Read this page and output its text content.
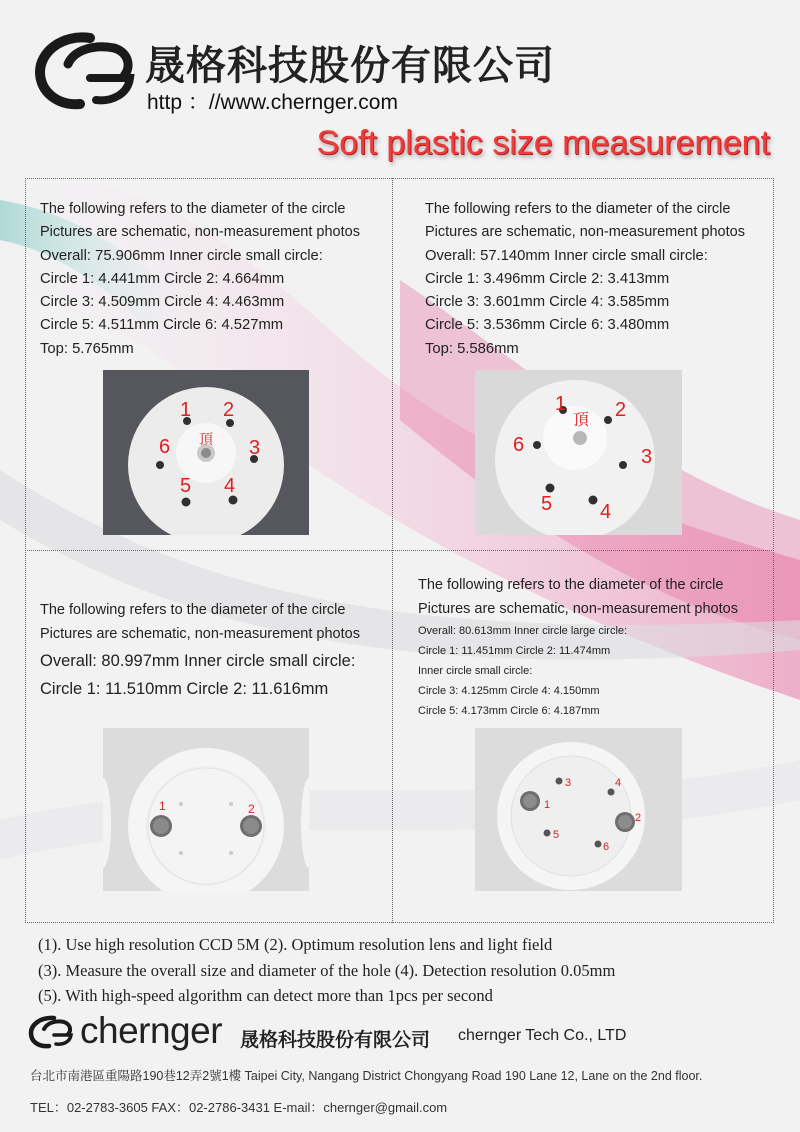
晟格科技股份有限公司
http ：//www.chernger.com
Soft plastic size measurement
The following refers to the diameter of the circle
Pictures are schematic, non-measurement photos
Overall: 75.906mm Inner circle small circle:
Circle 1: 4.441mm Circle 2: 4.664mm
Circle 3: 4.509mm Circle 4: 4.463mm
Circle 5: 4.511mm Circle 6: 4.527mm
Top: 5.765mm
1 2
3
4
5
6 頂
The following refers to the diameter of the circle
Pictures are schematic, non-measurement photos
Overall: 57.140mm Inner circle small circle:
Circle 1: 3.496mm Circle 2: 3.413mm
Circle 3: 3.601mm Circle 4: 3.585mm
Circle 5: 3.536mm Circle 6: 3.480mm
Top: 5.586mm
1 2
3
4
5
6
頂
The following refers to the diameter of the circle
Pictures are schematic, non-measurement photos
Overall: 80.997mm Inner circle small circle:
Circle 1: 11.510mm Circle 2: 11.616mm
1	2
The following refers to the diameter of the circle
Pictures are schematic, non-measurement photos
Overall: 80.613mm Inner circle large circle:
Circle 1: 11.451mm Circle 2: 11.474mm
Inner circle small circle:
Circle 3: 4.125mm Circle 4: 4.150mm
Circle 5: 4.173mm Circle 6: 4.187mm
1
2
3	4
5
6
(1). Use high resolution CCD 5M (2). Optimum resolution lens and light field
(3). Measure the overall size and diameter of the hole (4). Detection resolution 0.05mm
(5). With high-speed algorithm can detect more than 1pcs per second
chernger 晟格科技股份有限公司 chernger Tech Co., LTD
台北市南港區重陽路190巷12弄2號1樓 Taipei City, Nangang District Chongyang Road 190 Lane 12, Lane on the 2nd floor.
TEL：02-2783-3605 FAX：02-2786-3431 E-mail：chernger@gmail.com
